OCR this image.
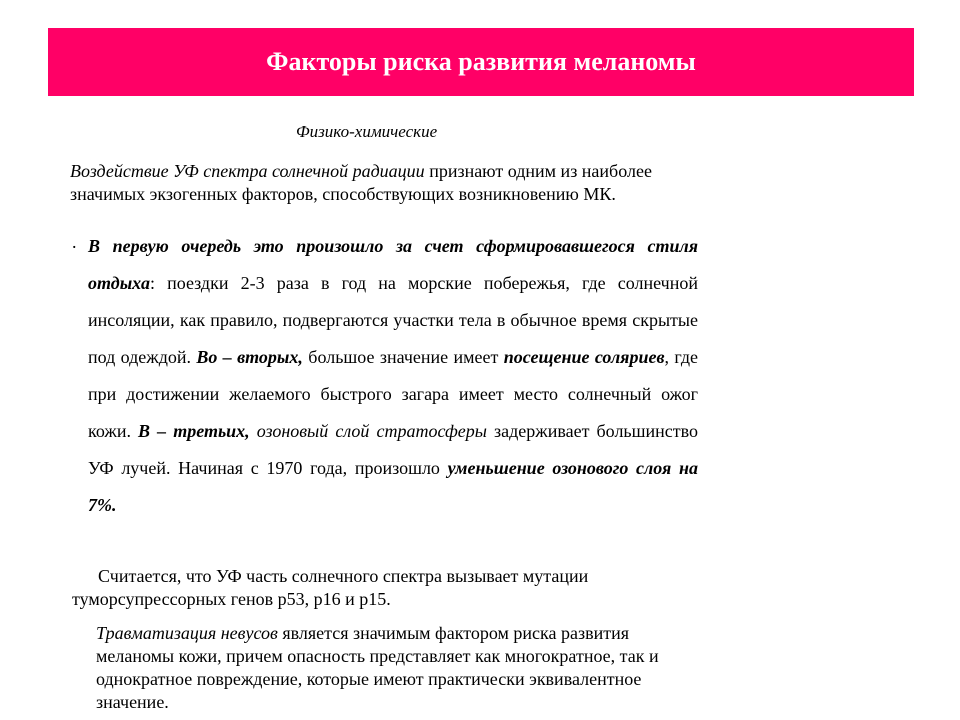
Факторы риска развития меланомы
Физико-химические
Воздействие УФ спектра солнечной радиации признают одним из наиболее значимых экзогенных факторов, способствующих возникновению МК.
. В первую очередь это произошло за счет сформировавшегося стиля отдыха: поездки 2-3 раза в год на морские побережья, где солнечной инсоляции, как правило, подвергаются участки тела в обычное время скрытые под одеждой. Во – вторых, большое значение имеет посещение соляриев, где при достижении желаемого быстрого загара имеет место солнечный ожог кожи. В – третьих, озоновый слой стратосферы задерживает большинство УФ лучей. Начиная с 1970 года, произошло уменьшение озонового слоя на 7%.
Считается, что УФ часть солнечного спектра вызывает мутации туморсупрессорных генов р53, р16 и р15.
Травматизация невусов является значимым фактором риска развития меланомы кожи, причем опасность представляет как многократное, так и однократное повреждение, которые имеют практически эквивалентное значение.
